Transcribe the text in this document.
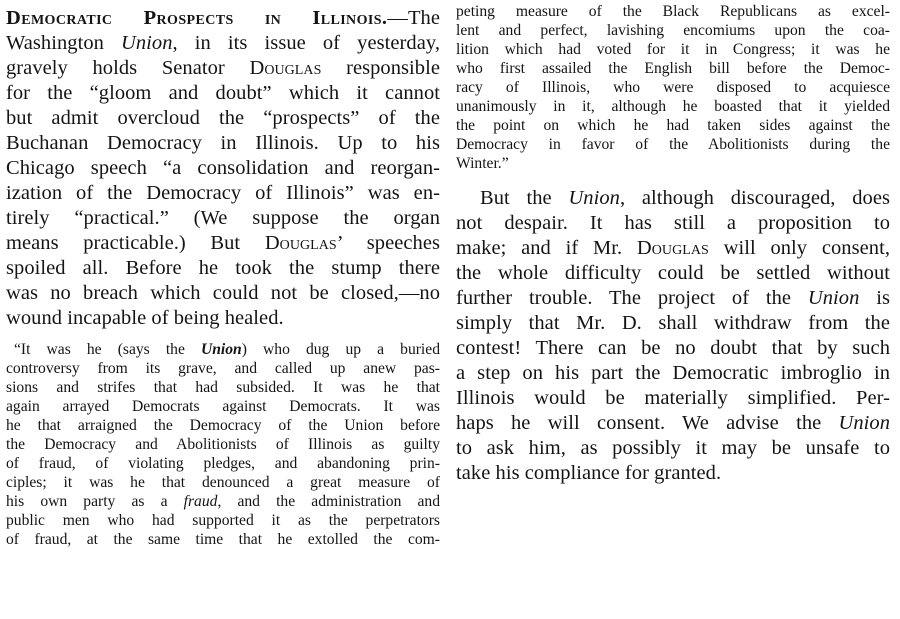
Democratic Prospects in Illinois.—The
Washington Union, in its issue of yesterday,
gravely holds Senator Douglas responsible
for the “gloom and doubt” which it cannot
but admit overcloud the “prospects” of the
Buchanan Democracy in Illinois. Up to his
Chicago speech “a consolidation and reorgan-
ization of the Democracy of Illinois” was en-
tirely “practical.” (We suppose the organ
means practicable.) But Douglas’ speeches
spoiled all. Before he took the stump there
was no breach which could not be closed,—no
wound incapable of being healed.
“It was he (says the Union) who dug up a buried
controversy from its grave, and called up anew pas-
sions and strifes that had subsided. It was he that
again arrayed Democrats against Democrats. It was
he that arraigned the Democracy of the Union before
the Democracy and Abolitionists of Illinois as guilty
of fraud, of violating pledges, and abandoning prin-
ciples; it was he that denounced a great measure of
his own party as a fraud, and the administration and
public men who had supported it as the perpetrators
of fraud, at the same time that he extolled the com-
peting measure of the Black Republicans as excel-
lent and perfect, lavishing encomiums upon the coa-
lition which had voted for it in Congress; it was he
who first assailed the English bill before the Democ-
racy of Illinois, who were disposed to acquiesce
unanimously in it, although he boasted that it yielded
the point on which he had taken sides against the
Democracy in favor of the Abolitionists during the
Winter.”
But the Union, although discouraged, does
not despair. It has still a proposition to
make; and if Mr. Douglas will only consent,
the whole difficulty could be settled without
further trouble. The project of the Union is
simply that Mr. D. shall withdraw from the
contest! There can be no doubt that by such
a step on his part the Democratic imbroglio in
Illinois would be materially simplified. Per-
haps he will consent. We advise the Union
to ask him, as possibly it may be unsafe to
take his compliance for granted.
